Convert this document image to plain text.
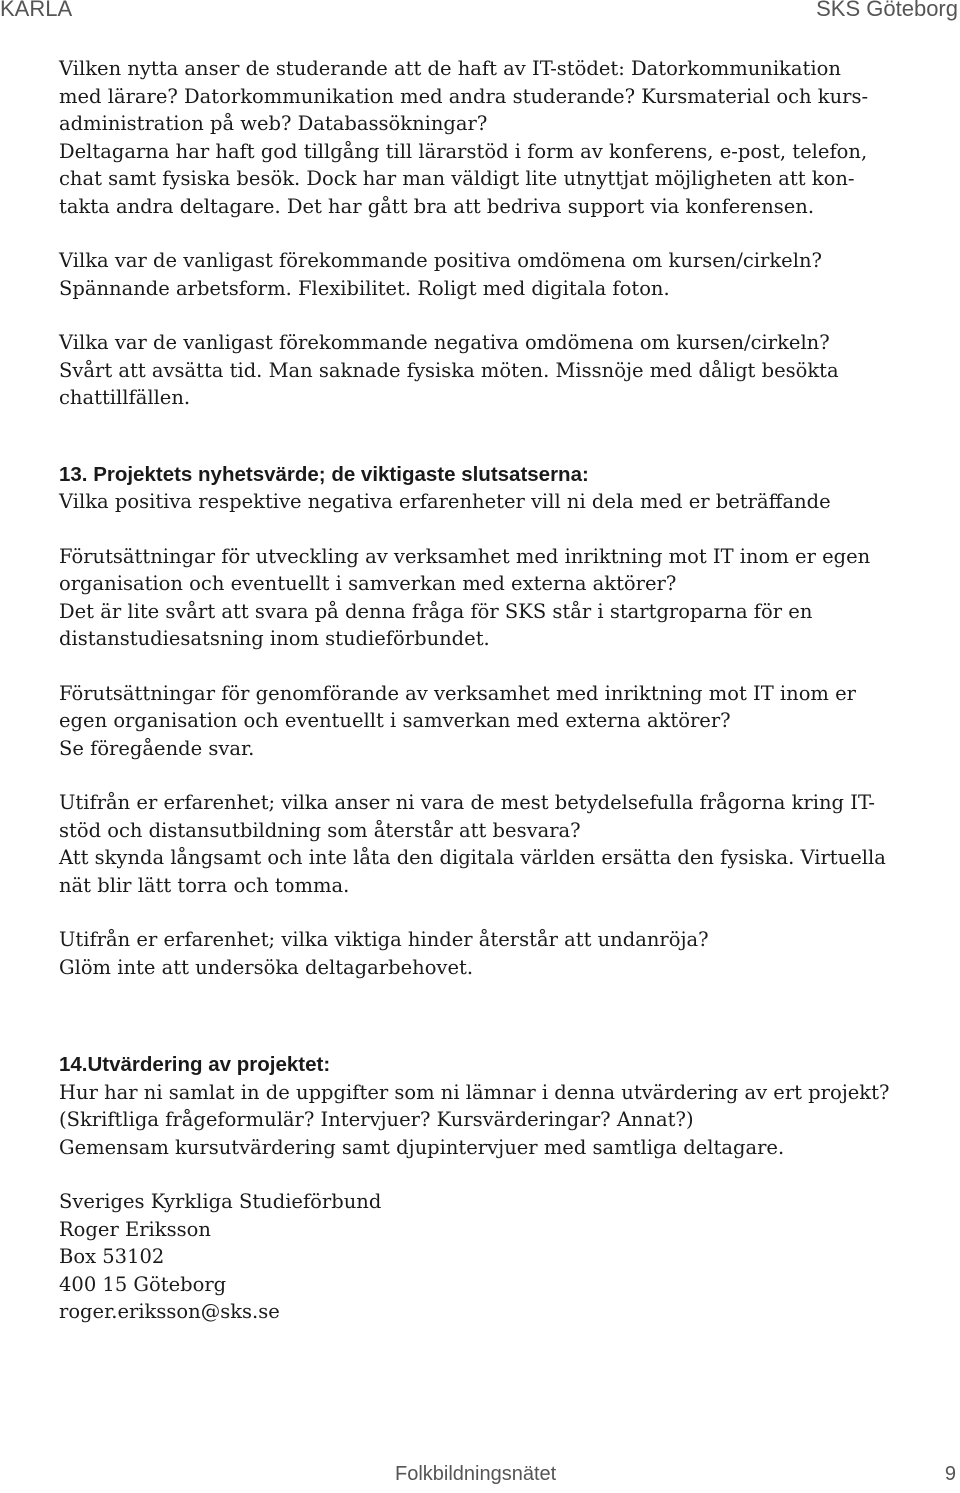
KARLA	SKS Göteborg
Vilken nytta anser de studerande att de haft av IT-stödet: Datorkommunikation
med lärare? Datorkommunikation med andra studerande? Kursmaterial och kurs-
administration på web? Databassökningar?
Deltagarna har haft god tillgång till lärarstöd i form av konferens, e-post, telefon,
chat samt fysiska besök. Dock har man väldigt lite utnyttjat möjligheten att kon-
takta andra deltagare. Det har gått bra att bedriva support via konferensen.
Vilka var de vanligast förekommande positiva omdömena om kursen/cirkeln?
Spännande arbetsform. Flexibilitet. Roligt med digitala foton.
Vilka var de vanligast förekommande negativa omdömena om kursen/cirkeln?
Svårt att avsätta tid. Man saknade fysiska möten. Missnöje med dåligt besökta
chattillfällen.
13. Projektets nyhetsvärde; de viktigaste slutsatserna:
Vilka positiva respektive negativa erfarenheter vill ni dela med er beträffande
Förutsättningar för utveckling av verksamhet med inriktning mot IT inom er egen
organisation och eventuellt i samverkan med externa aktörer?
Det är lite svårt att svara på denna fråga för SKS står i startgroparna för en
distanstudiesatsning inom studieförbundet.
Förutsättningar för genomförande av verksamhet med inriktning mot IT inom er
egen organisation och eventuellt i samverkan med externa aktörer?
Se föregående svar.
Utifrån er erfarenhet; vilka anser ni vara de mest betydelsefulla frågorna kring IT-
stöd och distansutbildning som återstår att besvara?
Att skynda långsamt och inte låta den digitala världen ersätta den fysiska. Virtuella
nät blir lätt torra och tomma.
Utifrån er erfarenhet; vilka viktiga hinder återstår att undanröja?
Glöm inte att undersöka deltagarbehovet.
14.Utvärdering av projektet:
Hur har ni samlat in de uppgifter som ni lämnar i denna utvärdering av ert projekt?
(Skriftliga frågeformulär? Intervjuer? Kursvärderingar? Annat?)
Gemensam kursutvärdering samt djupintervjuer med samtliga deltagare.
Sveriges Kyrkliga Studieförbund
Roger Eriksson
Box 53102
400 15 Göteborg
roger.eriksson@sks.se
Folkbildningsnätet	9
